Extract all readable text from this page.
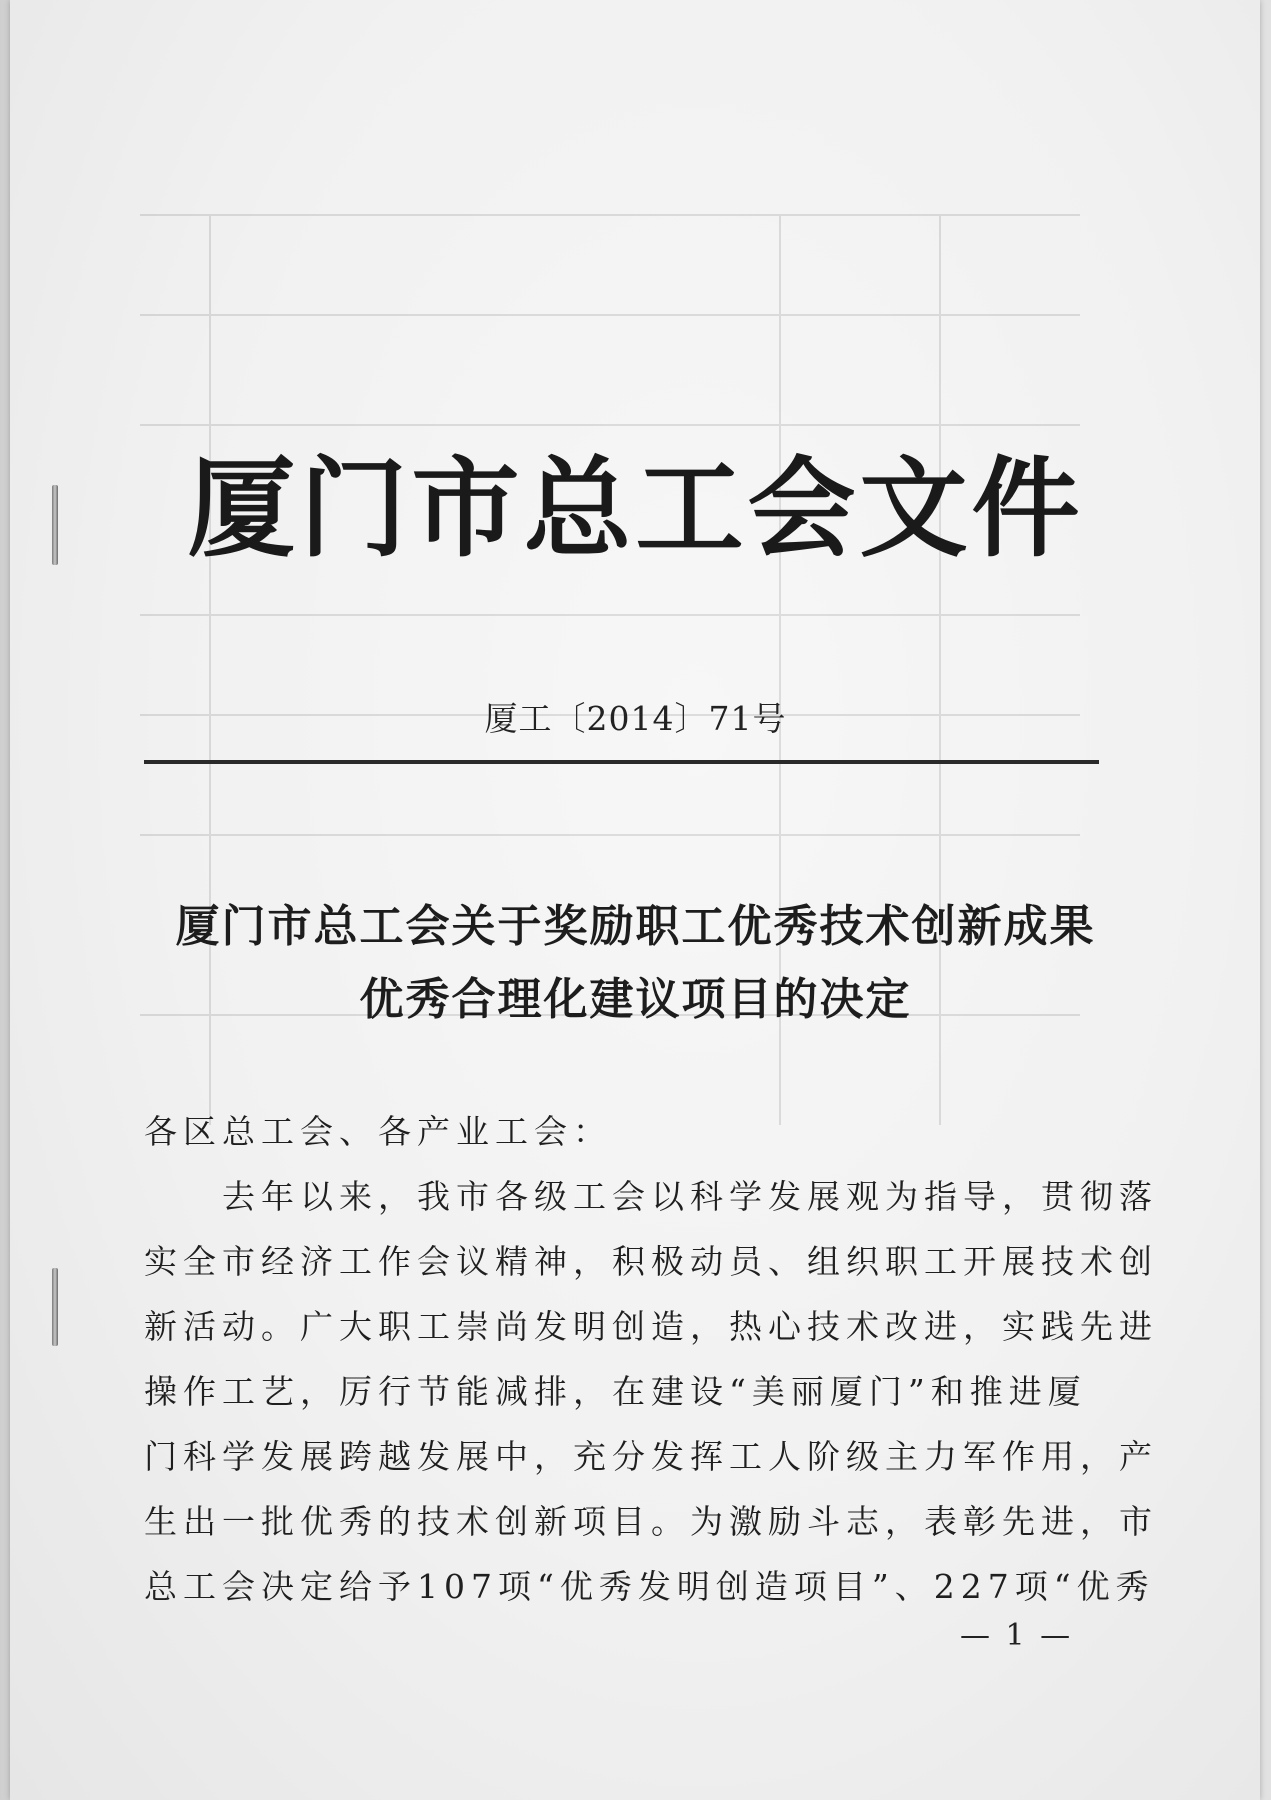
厦门市总工会文件
厦工〔2014〕71号
厦门市总工会关于奖励职工优秀技术创新成果
优秀合理化建议项目的决定
各区总工会、各产业工会：
　　去年以来，我市各级工会以科学发展观为指导，贯彻落
实全市经济工作会议精神，积极动员、组织职工开展技术创
新活动。广大职工崇尚发明创造，热心技术改进，实践先进
操作工艺，厉行节能减排，在建设“美丽厦门”和推进厦
门科学发展跨越发展中，充分发挥工人阶级主力军作用，产
生出一批优秀的技术创新项目。为激励斗志，表彰先进，市
总工会决定给予107项“优秀发明创造项目”、227项“优秀
— 1 —
